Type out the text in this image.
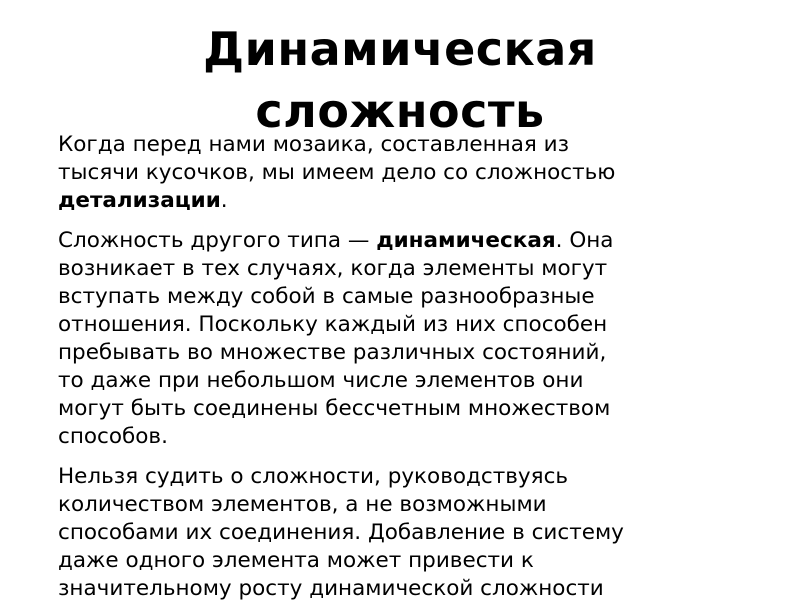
Динамическая
сложность

Когда перед нами мозаика, составленная из
тысячи кусочков, мы имеем дело со сложностью
детализации.

Сложность другого типа — динамическая. Она
возникает в тех случаях, когда элементы могут
вступать между собой в самые разнообразные
отношения. Поскольку каждый из них способен
пребывать во множестве различных состояний,
то даже при небольшом числе элементов они
могут быть соединены бессчетным множеством
способов.

Нельзя судить о сложности, руководствуясь
количеством элементов, а не возможными
способами их соединения. Добавление в систему
даже одного элемента может привести к
значительному росту динамической сложности
